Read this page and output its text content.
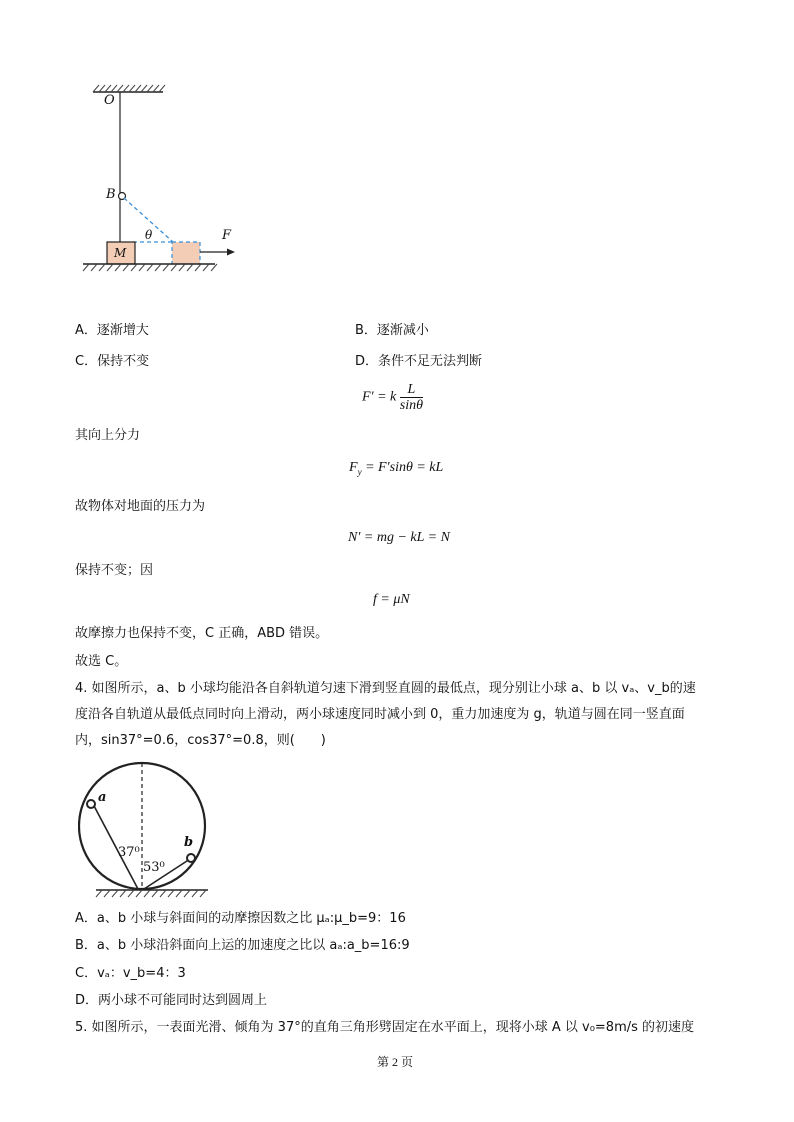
O
B
M
θ	F
A．逐渐增大	B．逐渐减小
C．保持不变	D．条件不足无法判断
F′ = k $\frac{L}{\sin\theta}$
其向上分力
$F_y = F'\sin\theta$ = kL
故物体对地面的压力为
N′ = mg − kL = N
保持不变；因
f = μN
故摩擦力也保持不变，C 正确，ABD 错误。
故选 C。
4. 如图所示，a、b 小球均能沿各自斜轨道匀速下滑到竖直圆的最低点，现分别让小球 a、b 以 vₐ、v_b的速
度沿各自轨道从最低点同时向上滑动，两小球速度同时减小到 0，重力加速度为 g，轨道与圆在同一竖直面
内，sin37°=0.6，cos37°=0.8，则(　　)
a
b
37⁰
53⁰
A．a、b 小球与斜面间的动摩擦因数之比 μₐ:μ_b=9：16
B．a、b 小球沿斜面向上运的加速度之比以 aₐ:a_b=16:9
C．vₐ：v_b=4：3
D．两小球不可能同时达到圆周上
5. 如图所示，一表面光滑、倾角为 37°的直角三角形劈固定在水平面上，现将小球 A 以 v₀=8m/s 的初速度
第 2 页
